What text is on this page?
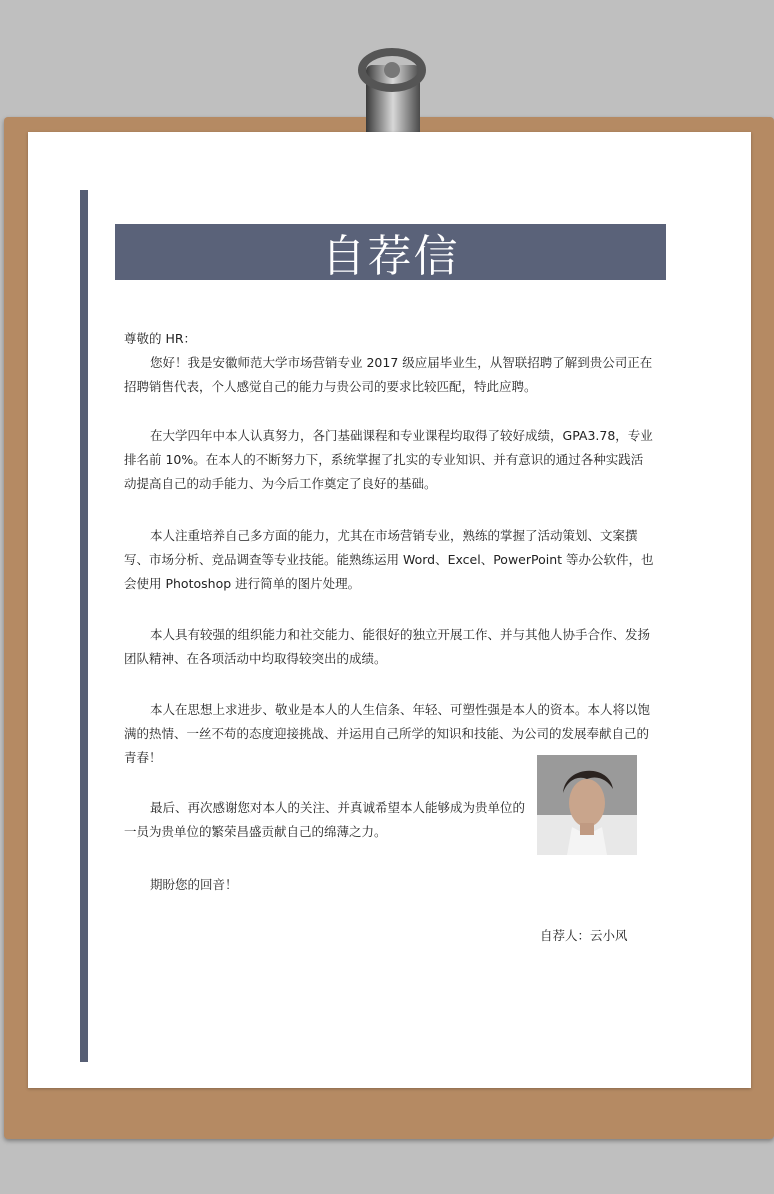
自荐信
尊敬的 HR：
您好！我是安徽师范大学市场营销专业 2017 级应届毕业生，从智联招聘了解到贵公司正在招聘销售代表，个人感觉自己的能力与贵公司的要求比较匹配，特此应聘。
在大学四年中本人认真努力，各门基础课程和专业课程均取得了较好成绩，GPA3.78，专业排名前 10%。在本人的不断努力下，系统掌握了扎实的专业知识、并有意识的通过各种实践活动提高自己的动手能力、为今后工作奠定了良好的基础。
本人注重培养自己多方面的能力，尤其在市场营销专业，熟练的掌握了活动策划、文案撰写、市场分析、竞品调查等专业技能。能熟练运用 Word、Excel、PowerPoint 等办公软件，也会使用 Photoshop 进行简单的图片处理。
本人具有较强的组织能力和社交能力、能很好的独立开展工作、并与其他人协手合作、发扬团队精神、在各项活动中均取得较突出的成绩。
本人在思想上求进步、敬业是本人的人生信条、年轻、可塑性强是本人的资本。本人将以饱满的热情、一丝不苟的态度迎接挑战、并运用自己所学的知识和技能、为公司的发展奉献自己的青春！
最后、再次感谢您对本人的关注、并真诚希望本人能够成为贵单位的一员为贵单位的繁荣昌盛贡献自己的绵薄之力。
期盼您的回音！
自荐人：云小风
